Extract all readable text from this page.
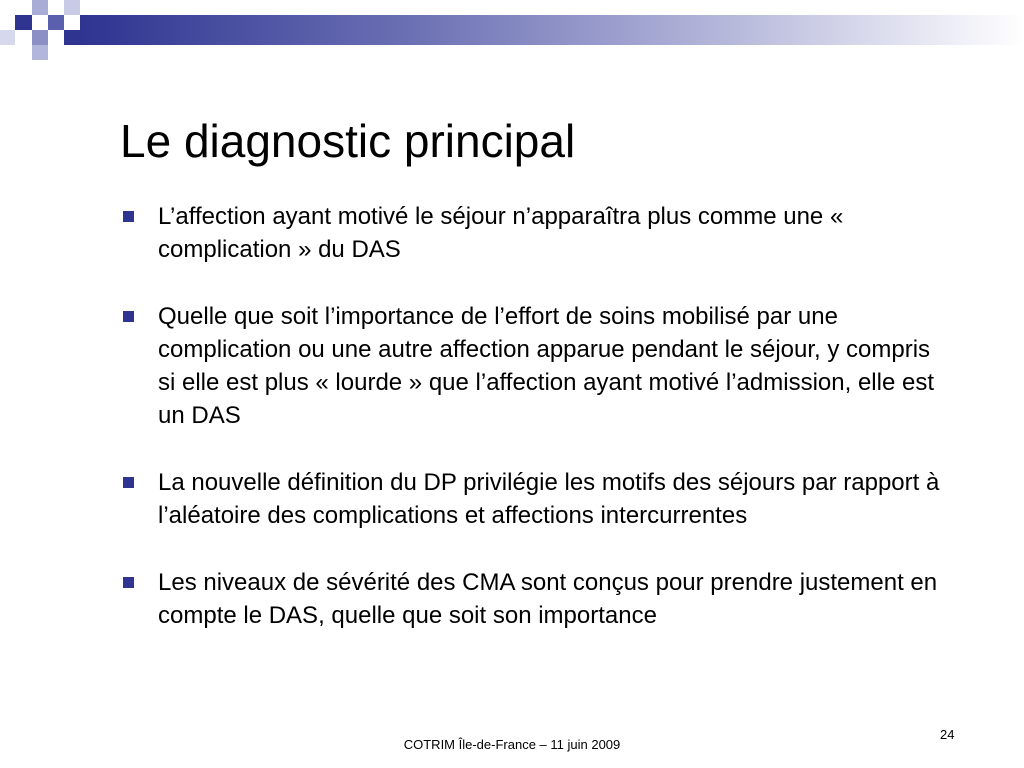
Le diagnostic principal
L’affection ayant motivé le séjour n’apparaîtra plus comme une « complication » du DAS
Quelle que soit l’importance de l’effort de soins mobilisé par une complication ou une autre affection apparue pendant le séjour, y compris si elle est plus « lourde » que l’affection ayant motivé l’admission, elle est un DAS
La nouvelle définition du DP privilégie les motifs des séjours par rapport à l’aléatoire des complications et affections intercurrentes
Les niveaux de sévérité des CMA sont conçus pour prendre justement en compte le DAS, quelle que soit son importance
COTRIM Île-de-France – 11 juin 2009
24
